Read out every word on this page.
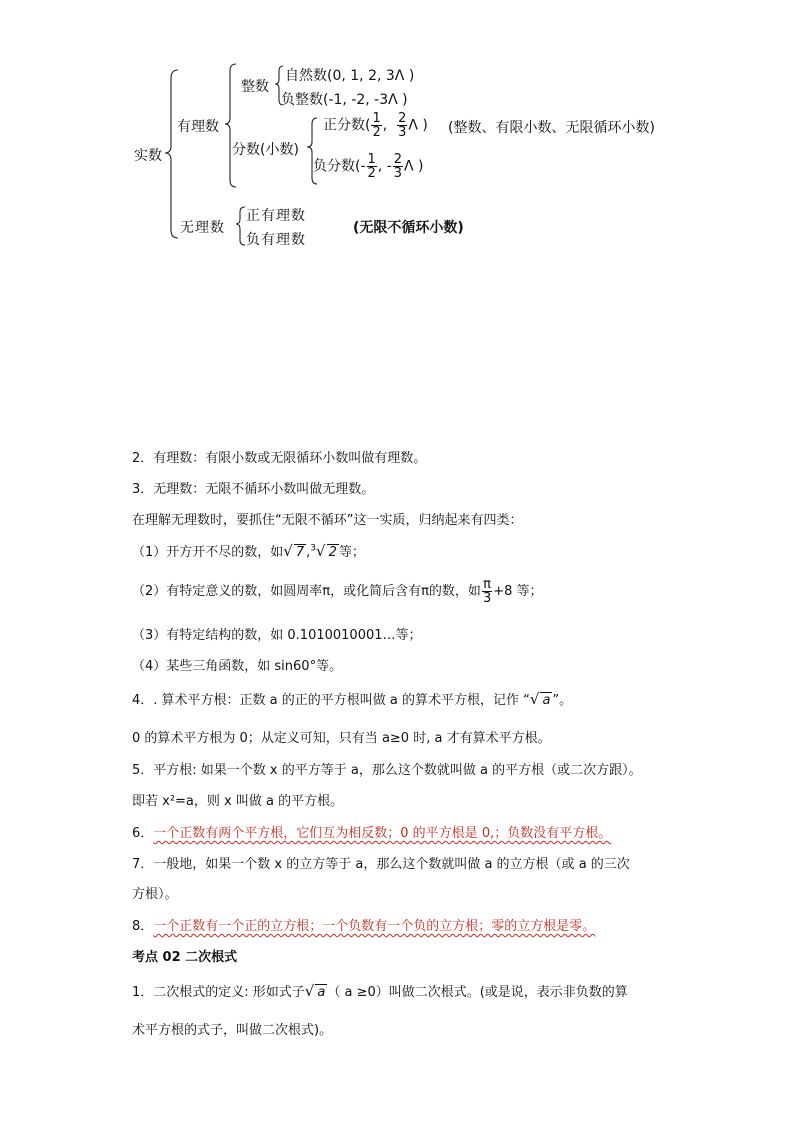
实数
有理数
整数
自然数(0, 1, 2, 3Λ )
负整数(-1, -2, -3Λ )
分数(小数)
正分数( $\frac{1}{2}$ , $\frac{2}{3}$ Λ ) (整数、有限小数、无限循环小数)
负分数(- $\frac{1}{2}$ , - $\frac{2}{3}$ Λ )
无理数
正有理数
负有理数
(无限不循环小数)
2．有理数：有限小数或无限循环小数叫做有理数。
3．无理数：无限不循环小数叫做无理数。
在理解无理数时，要抓住“无限不循环”这一实质，归纳起来有四类：
（1）开方开不尽的数，如√ 7 ,$^3$√ 2 等；
（2）有特定意义的数，如圆周率π，或化简后含有π的数，如 $\frac{\pi}{3} +8$ 等；
（3）有特定结构的数，如 0.1010010001…等；
（4）某些三角函数，如 sin60°等。
4．. 算术平方根：正数 a 的正的平方根叫做 a 的算术平方根，记作 “√ a ”。
0 的算术平方根为 0；从定义可知，只有当 a≥0 时, a 才有算术平方根。
5．平方根: 如果一个数 x 的平方等于 a，那么这个数就叫做 a 的平方根（或二次方跟）。
即若 x²=a，则 x 叫做 a 的平方根。
6．一个正数有两个平方根，它们互为相反数；0 的平方根是 0,；负数没有平方根。
7．一般地，如果一个数 x 的立方等于 a，那么这个数就叫做 a 的立方根（或 a 的三次
方根）。
8．一个正数有一个正的立方根；一个负数有一个负的立方根；零的立方根是零。
考点 02 二次根式
1．二次根式的定义: 形如式子√ a （ a ≥0）叫做二次根式。(或是说，表示非负数的算
术平方根的式子，叫做二次根式)。
